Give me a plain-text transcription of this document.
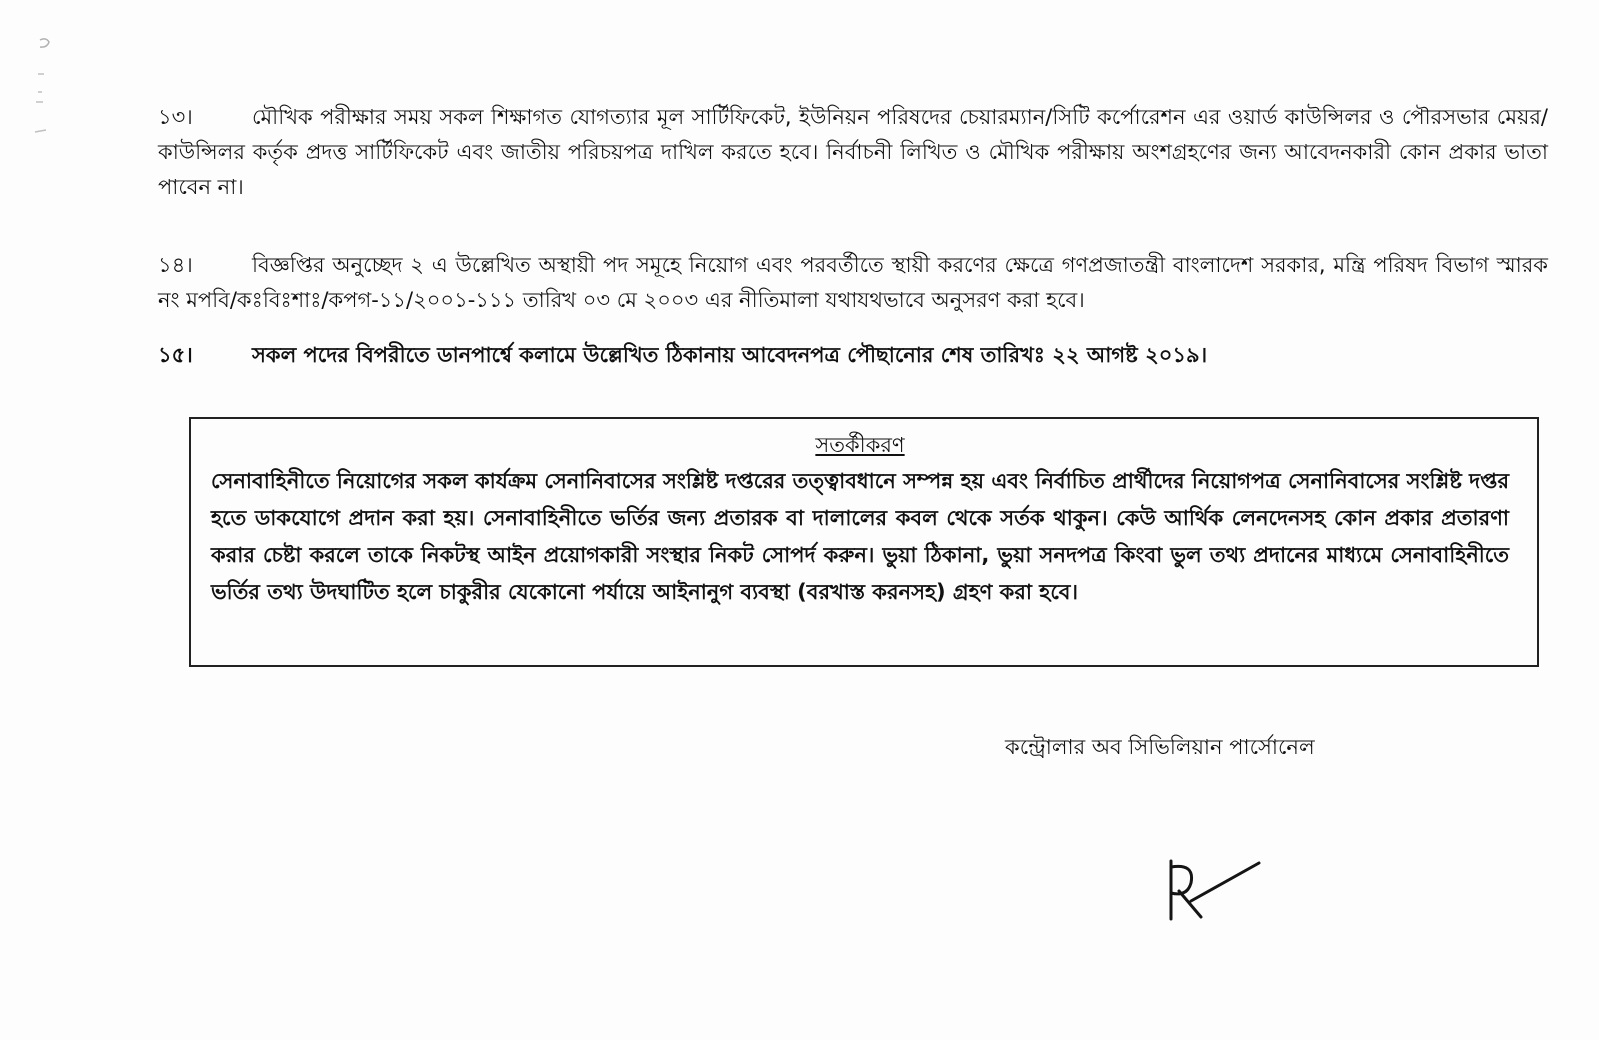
১৩।	মৌখিক পরীক্ষার সময় সকল শিক্ষাগত যোগত্যার মূল সার্টিফিকেট, ইউনিয়ন পরিষদের চেয়ারম্যান/সিটি কর্পোরেশন এর ওয়ার্ড কাউন্সিলর ও পৌরসভার মেয়র/কাউন্সিলর কর্তৃক প্রদত্ত সার্টিফিকেট এবং জাতীয় পরিচয়পত্র দাখিল করতে হবে। নির্বাচনী লিখিত ও মৌখিক পরীক্ষায় অংশগ্রহণের জন্য আবেদনকারী কোন প্রকার ভাতা পাবেন না।
১৪।	বিজ্ঞপ্তির অনুচ্ছেদ ২ এ উল্লেখিত অস্থায়ী পদ সমূহে নিয়োগ এবং পরবর্তীতে স্থায়ী করণের ক্ষেত্রে গণপ্রজাতন্ত্রী বাংলাদেশ সরকার, মন্ত্রি পরিষদ বিভাগ স্মারক নং মপবি/কঃবিঃশাঃ/কপগ-১১/২০০১-১১১ তারিখ ০৩ মে ২০০৩ এর নীতিমালা যথাযথভাবে অনুসরণ করা হবে।
১৫।	সকল পদের বিপরীতে ডানপার্শ্বে কলামে উল্লেখিত ঠিকানায় আবেদনপত্র পৌছানোর শেষ তারিখঃ ২২ আগষ্ট ২০১৯।
সতর্কীকরণ
সেনাবাহিনীতে নিয়োগের সকল কার্যক্রম সেনানিবাসের সংশ্লিষ্ট দপ্তরের তত্ত্বাবধানে সম্পন্ন হয় এবং নির্বাচিত প্রার্থীদের নিয়োগপত্র সেনানিবাসের সংশ্লিষ্ট দপ্তর হতে ডাকযোগে প্রদান করা হয়। সেনাবাহিনীতে ভর্তির জন্য প্রতারক বা দালালের কবল থেকে সর্তক থাকুন। কেউ আর্থিক লেনদেনসহ কোন প্রকার প্রতারণা করার চেষ্টা করলে তাকে নিকটস্থ আইন প্রয়োগকারী সংস্থার নিকট সোপর্দ করুন। ভুয়া ঠিকানা, ভুয়া সনদপত্র কিংবা ভুল তথ্য প্রদানের মাধ্যমে সেনাবাহিনীতে ভর্তির তথ্য উদঘাটিত হলে চাকুরীর যেকোনো পর্যায়ে আইনানুগ ব্যবস্থা (বরখাস্ত করনসহ) গ্রহণ করা হবে।
কন্ট্রোলার অব সিভিলিয়ান পার্সোনেল
